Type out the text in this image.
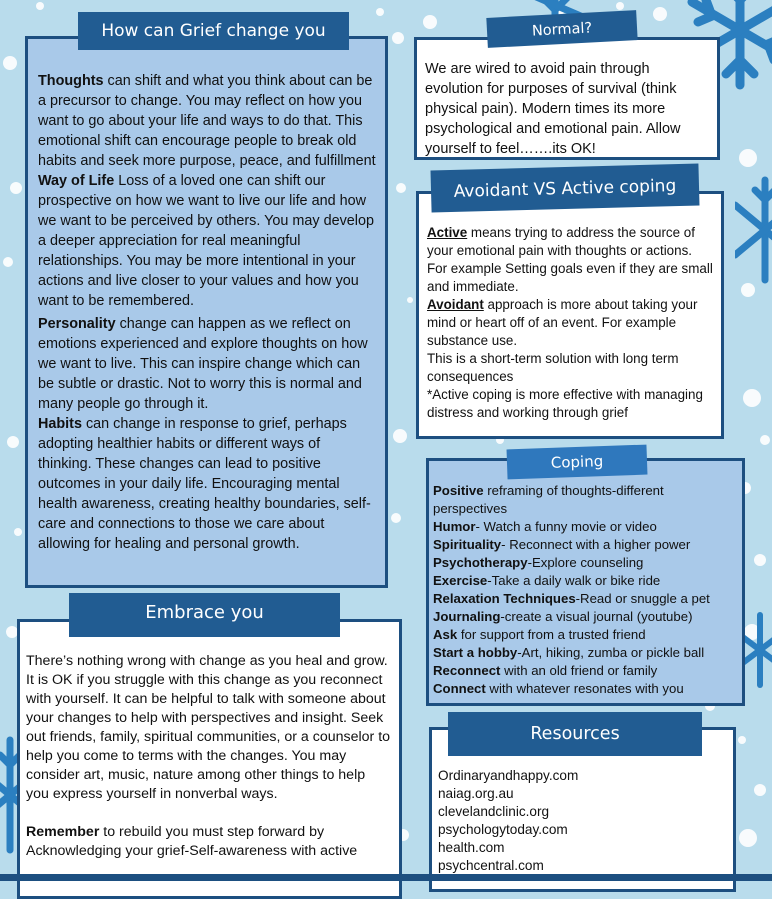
Thoughts can shift and what you think about can be a precursor to change. You may reflect on how you want to go about your life and ways to do that. This emotional shift can encourage people to break old habits and seek more purpose, peace, and fulfillment

Way of Life Loss of a loved one can shift our prospective on how we want to live our life and how we want to be perceived by others. You may develop a deeper appreciation for real meaningful relationships. You may be more intentional in your actions and live closer to your values and how you want to be remembered.

Personality change can happen as we reflect on emotions experienced and explore thoughts on how we want to live. This can inspire change which can be subtle or drastic. Not to worry this is normal and many people go through it.

Habits can change in response to grief, perhaps adopting healthier habits or different ways of thinking. These changes can lead to positive outcomes in your daily life. Encouraging mental health awareness, creating healthy boundaries, self-care and connections to those we care about allowing for healing and personal growth.

How can Grief change you

There’s nothing wrong with change as you heal and grow. It is OK if you struggle with this change as you reconnect with yourself. It can be helpful to talk with someone about your changes to help with perspectives and insight. Seek out friends, family, spiritual communities, or a counselor to help you come to terms with the changes. You may consider art, music, nature among other things to help you express yourself in nonverbal ways.

Remember to rebuild you must step forward by Acknowledging your grief-Self-awareness with active

Embrace you
We are wired to avoid pain through evolution for purposes of survival (think physical pain). Modern times its more psychological and emotional pain. Allow yourself to feel…….its OK!
Normal?

Active means trying to address the source of your emotional pain with thoughts or actions. For example Setting goals even if they are small and immediate.

Avoidant approach is more about taking your mind or heart off of an event. For example substance use.

This is a short-term solution with long term consequences

*Active coping is more effective with managing distress and working through grief

Avoidant VS Active coping

Positive reframing of thoughts-different perspectives

Humor- Watch a funny movie or video

Spirituality- Reconnect with a higher power

Psychotherapy-Explore counseling

Exercise-Take a daily walk or bike ride

Relaxation Techniques-Read or snuggle a pet

Journaling-create a visual journal (youtube)

Ask for support from a trusted friend

Start a hobby-Art, hiking, zumba or pickle ball

Reconnect with an old friend or family

Connect with whatever resonates with you

Coping

Ordinaryandhappy.com

naiag.org.au

clevelandclinic.org

psychologytoday.com

health.com

psychcentral.com

Resources
